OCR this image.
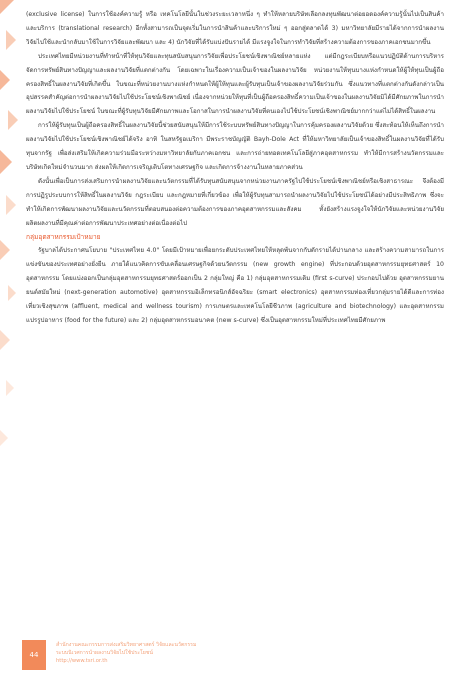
(exclusive license) ในการใช้องค์ความรู้ หรือ เทคโนโลยีนั้นในช่วงระยะเวลาหนึ่ง ๆ ทำให้หลายบริษัทเลือกลงทุนพัฒนาต่อยอดองค์ความรู้นั้นไปเป็นสินค้าและบริการ (translational research) อีกทั้งสามารถเป็นจุดเริ่มในการนำสินค้าและบริการใหม่ ๆ ออกสู่ตลาดได้ 3) มหาวิทยาลัยมีรายได้จากการนำผลงานวิจัยไปใช้และนำกลับมาใช้ในการวิจัยและพัฒนา และ 4) นักวิจัยที่ได้รับแบ่งปันรายได้ มีแรงจูงใจในการทำวิจัยที่สร้างความต้องการของภาคเอกชนมากขึ้น

ประเทศไทยมีหน่วยงานที่ทำหน้าที่ให้ทุนวิจัยและทุนสนับสนุนการวิจัยเพื่อประโยชน์เชิงพาณิชย์หลายแห่ง แต่มีกฎระเบียบหรือแนวปฏิบัติด้านการบริหารจัดการทรัพย์สินทางปัญญาและผลงานวิจัยที่แตกต่างกัน โดยเฉพาะในเรื่องความเป็นเจ้าของในผลงานวิจัย หน่วยงานให้ทุนบางแห่งกำหนดให้ผู้ให้ทุนเป็นผู้ถือครองสิทธิ์ในผลงานวิจัยที่เกิดขึ้น ในขณะที่หน่วยงานบางแห่งกำหนดให้ผู้ให้ทุนและผู้รับทุนเป็นเจ้าของผลงานวิจัยร่วมกัน ซึ่งแนวทางที่แตกต่างกันดังกล่าวเป็นอุปสรรคสำคัญต่อการนำผลงานวิจัยไปใช้ประโยชน์เชิงพาณิชย์ เนื่องจากหน่วยให้ทุนที่เป็นผู้ถือครองสิทธิ์ความเป็นเจ้าของในผลงานวิจัยมิได้มีศักยภาพในการนำผลงานวิจัยไปใช้ประโยชน์ ในขณะที่ผู้รับทุนวิจัยมีศักยภาพและโอกาสในการนำผลงานวิจัยที่ตนเองไปใช้ประโยชน์เชิงพาณิชย์มากกว่าแต่ไม่ได้สิทธิ์ในผลงาน

การให้ผู้รับทุนเป็นผู้ถือครองสิทธิ์ในผลงานวิจัยนี้ช่วยสนับสนุนให้มีการใช้ระบบทรัพย์สินทางปัญญาในการคุ้มครองผลงานวิจัยด้วย ซึ่งสะท้อนให้เห็นถึงการนำผลงานวิจัยไปใช้ประโยชน์เชิงพาณิชย์ได้จริง อาทิ ในสหรัฐอเมริกา มีพระราชบัญญัติ Bayh-Dole Act ที่ให้มหาวิทยาลัยเป็นเจ้าของสิทธิ์ในผลงานวิจัยที่ได้รับทุนจากรัฐ เพื่อส่งเสริมให้เกิดความร่วมมือระหว่างมหาวิทยาลัยกับภาคเอกชน และการถ่ายทอดเทคโนโลยีสู่ภาคอุตสาหกรรม ทำให้มีการสร้างนวัตกรรมและบริษัทเกิดใหม่จำนวนมาก ส่งผลให้เกิดการเจริญเติบโตทางเศรษฐกิจ และเกิดการจ้างงานในหลายภาคส่วน

ดังนั้นเพื่อเป็นการส่งเสริมการนำผลงานวิจัยและนวัตกรรมที่ได้รับทุนสนับสนุนจากหน่วยงานภาครัฐไปใช้ประโยชน์เชิงพาณิชย์หรือเชิงสาธารณะ จึงต้องมีการปฏิรูประบบการให้สิทธิ์ในผลงานวิจัย กฎระเบียบ และกฎหมายที่เกี่ยวข้อง เพื่อให้ผู้รับทุนสามารถนำผลงานวิจัยไปใช้ประโยชน์ได้อย่างมีประสิทธิภาพ ซึ่งจะทำให้เกิดการพัฒนาผลงานวิจัยและนวัตกรรมที่ตอบสนองต่อความต้องการของภาคอุตสาหกรรมและสังคม ทั้งยังสร้างแรงจูงใจให้นักวิจัยและหน่วยงานวิจัยผลิตผลงานที่มีคุณค่าต่อการพัฒนาประเทศอย่างต่อเนื่องต่อไป

กลุ่มอุตสาหกรรมเป้าหมาย

รัฐบาลได้ประกาศนโยบาย "ประเทศไทย 4.0" โดยมีเป้าหมายเพื่อยกระดับประเทศไทยให้หลุดพ้นจากกับดักรายได้ปานกลาง และสร้างความสามารถในการแข่งขันของประเทศอย่างยั่งยืน ภายใต้แนวคิดการขับเคลื่อนเศรษฐกิจด้วยนวัตกรรม (new growth engine) ที่ประกอบด้วยอุตสาหกรรมยุทธศาสตร์ 10 อุตสาหกรรม โดยแบ่งออกเป็นกลุ่มอุตสาหกรรมยุทธศาสตร์ออกเป็น 2 กลุ่มใหญ่ คือ 1) กลุ่มอุตสาหกรรมเดิม (first s-curve) ประกอบไปด้วย อุตสาหกรรมยานยนต์สมัยใหม่ (next-generation automotive) อุตสาหกรรมอิเล็กทรอนิกส์อัจฉริยะ (smart electronics) อุตสาหกรรมท่องเที่ยวกลุ่มรายได้ดีและการท่องเที่ยวเชิงสุขภาพ (affluent, medical and wellness tourism) การเกษตรและเทคโนโลยีชีวภาพ (agriculture and biotechnology) และอุตสาหกรรมแปรรูปอาหาร (food for the future) และ 2) กลุ่มอุตสาหกรรมอนาคต (new s-curve) ซึ่งเป็นอุตสาหกรรมใหม่ที่ประเทศไทยมีศักยภาพ

44
สำนักงานคณะกรรมการส่งเสริมวิทยาศาสตร์ วิจัยและนวัตกรรม
ระบบนิเวศการนำผลงานวิจัยไปใช้ประโยชน์
http://www.tsri.or.th
